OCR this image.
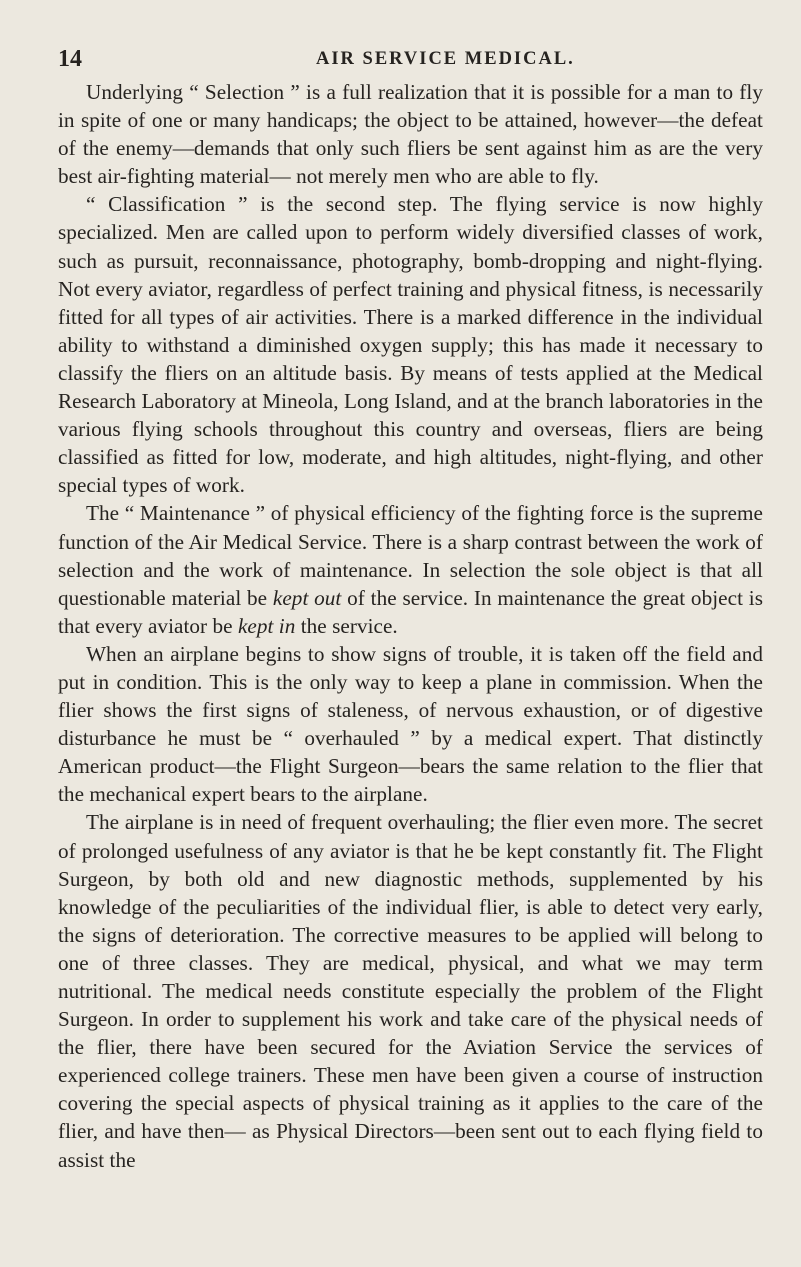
14	AIR SERVICE MEDICAL.

Underlying “ Selection ” is a full realization that it is possible for a man to fly in spite of one or many handicaps; the object to be attained, however—the defeat of the enemy—demands that only such fliers be sent against him as are the very best air-fighting material— not merely men who are able to fly.

“ Classification ” is the second step. The flying service is now highly specialized. Men are called upon to perform widely diversified classes of work, such as pursuit, reconnaissance, photography, bomb-dropping and night-flying. Not every aviator, regardless of perfect training and physical fitness, is necessarily fitted for all types of air activities. There is a marked difference in the individual ability to withstand a diminished oxygen supply; this has made it necessary to classify the fliers on an altitude basis. By means of tests applied at the Medical Research Laboratory at Mineola, Long Island, and at the branch laboratories in the various flying schools throughout this country and overseas, fliers are being classified as fitted for low, moderate, and high altitudes, night-flying, and other special types of work.

The “ Maintenance ” of physical efficiency of the fighting force is the supreme function of the Air Medical Service. There is a sharp contrast between the work of selection and the work of maintenance. In selection the sole object is that all questionable material be kept out of the service. In maintenance the great object is that every aviator be kept in the service.

When an airplane begins to show signs of trouble, it is taken off the field and put in condition. This is the only way to keep a plane in commission. When the flier shows the first signs of staleness, of nervous exhaustion, or of digestive disturbance he must be “ overhauled ” by a medical expert. That distinctly American product—the Flight Surgeon—bears the same relation to the flier that the mechanical expert bears to the airplane.

The airplane is in need of frequent overhauling; the flier even more. The secret of prolonged usefulness of any aviator is that he be kept constantly fit. The Flight Surgeon, by both old and new diagnostic methods, supplemented by his knowledge of the peculiarities of the individual flier, is able to detect very early, the signs of deterioration. The corrective measures to be applied will belong to one of three classes. They are medical, physical, and what we may term nutritional. The medical needs constitute especially the problem of the Flight Surgeon. In order to supplement his work and take care of the physical needs of the flier, there have been secured for the Aviation Service the services of experienced college trainers. These men have been given a course of instruction covering the special aspects of physical training as it applies to the care of the flier, and have then— as Physical Directors—been sent out to each flying field to assist the
